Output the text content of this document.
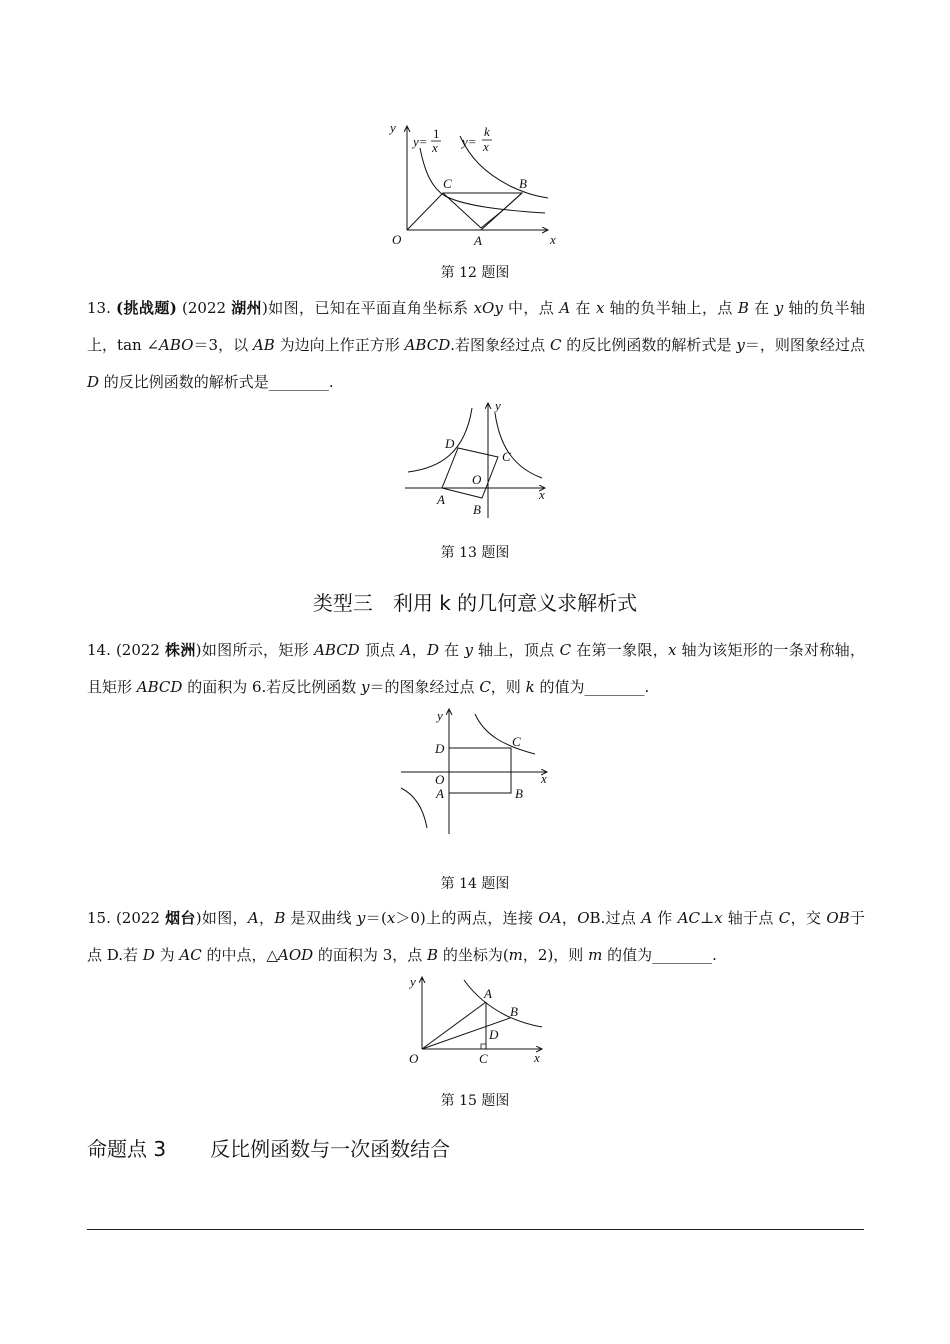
y
x
O
y=
1
x y=
k
x
C	B
A
第 12 题图
13. (挑战题) (2022 湖州)如图，已知在平面直角坐标系 xOy 中，点 A 在 x 轴的负半轴上，点 B 在 y 轴的负半轴上，tan ∠ABO＝3，以 AB 为边向上作正方形 ABCD.若图象经过点 C 的反比例函数的解析式是 y＝，则图象经过点 D 的反比例函数的解析式是________.
y
x
O
A
B
C
D
第 13 题图
类型三　利用 k 的几何意义求解析式
14. (2022 株洲)如图所示，矩形 ABCD 顶点 A，D 在 y 轴上，顶点 C 在第一象限，x 轴为该矩形的一条对称轴，且矩形 ABCD 的面积为 6.若反比例函数 y＝的图象经过点 C，则 k 的值为________.
y
x
O
D	C
A	B
第 14 题图
15. (2022 烟台)如图，A，B 是双曲线 y＝(x＞0)上的两点，连接 OA，OB.过点 A 作 AC⊥x 轴于点 C，交 OB于点 D.若 D 为 AC 的中点，△AOD 的面积为 3，点 B 的坐标为(m，2)，则 m 的值为________.
y
x
O
A
B
D
C
第 15 题图
命题点 3 反比例函数与一次函数结合
